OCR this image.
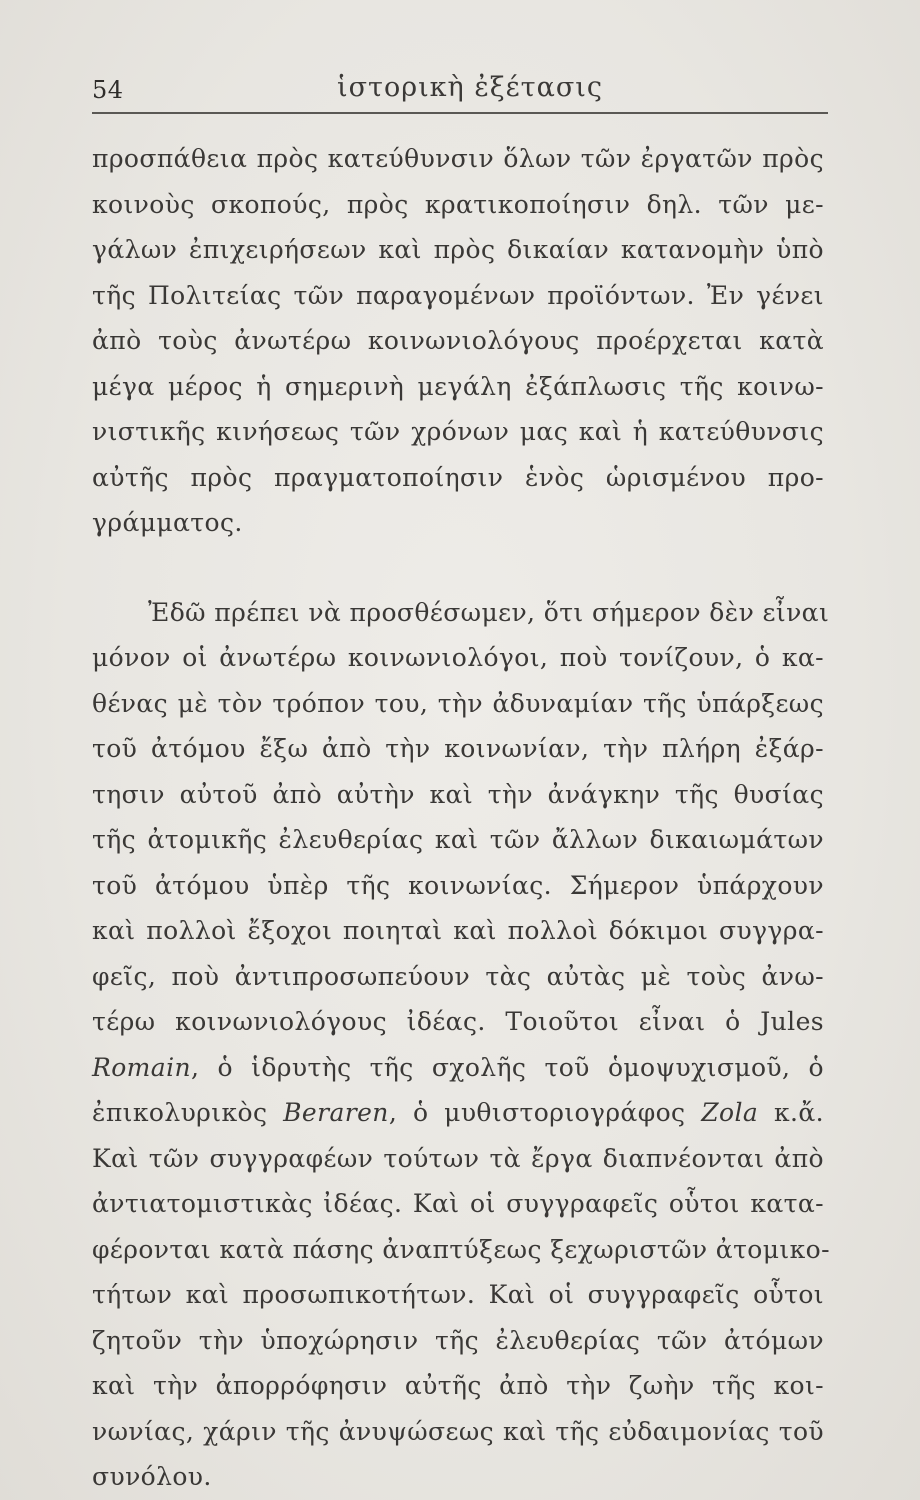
54	ἱστορικὴ ἐξέτασις
προσπάθεια πρὸς κατεύθυνσιν ὅλων τῶν ἐργατῶν πρὸς
κοινοὺς σκοπούς, πρὸς κρατικοποίησιν δηλ. τῶν με-
γάλων ἐπιχειρήσεων καὶ πρὸς δικαίαν κατανομὴν ὑπὸ
τῆς Πολιτείας τῶν παραγομένων προϊόντων. Ἐν γένει
ἀπὸ τοὺς ἀνωτέρω κοινωνιολόγους προέρχεται κατὰ
μέγα μέρος ἡ σημερινὴ μεγάλη ἐξάπλωσις τῆς κοινω-
νιστικῆς κινήσεως τῶν χρόνων μας καὶ ἡ κατεύθυνσις
αὐτῆς πρὸς πραγματοποίησιν ἑνὸς ὡρισμένου προ-
γράμματος.
Ἐδῶ πρέπει νὰ προσθέσωμεν, ὅτι σήμερον δὲν εἶναι
μόνον οἱ ἀνωτέρω κοινωνιολόγοι, ποὺ τονίζουν, ὁ κα-
θένας μὲ τὸν τρόπον του, τὴν ἀδυναμίαν τῆς ὑπάρξεως
τοῦ ἀτόμου ἔξω ἀπὸ τὴν κοινωνίαν, τὴν πλήρη ἐξάρ-
τησιν αὐτοῦ ἀπὸ αὐτὴν καὶ τὴν ἀνάγκην τῆς θυσίας
τῆς ἀτομικῆς ἐλευθερίας καὶ τῶν ἄλλων δικαιωμάτων
τοῦ ἀτόμου ὑπὲρ τῆς κοινωνίας. Σήμερον ὑπάρχουν
καὶ πολλοὶ ἔξοχοι ποιηταὶ καὶ πολλοὶ δόκιμοι συγγρα-
φεῖς, ποὺ ἀντιπροσωπεύουν τὰς αὐτὰς μὲ τοὺς ἀνω-
τέρω κοινωνιολόγους ἰδέας. Τοιοῦτοι εἶναι ὁ Jules
Romain, ὁ ἱδρυτὴς τῆς σχολῆς τοῦ ὁμοψυχισμοῦ, ὁ
ἐπικολυρικὸς Beraren, ὁ μυθιστοριογράφος Zola κ.ἄ.
Καὶ τῶν συγγραφέων τούτων τὰ ἔργα διαπνέονται ἀπὸ
ἀντιατομιστικὰς ἰδέας. Καὶ οἱ συγγραφεῖς οὗτοι κατα-
φέρονται κατὰ πάσης ἀναπτύξεως ξεχωριστῶν ἀτομικο-
τήτων καὶ προσωπικοτήτων. Καὶ οἱ συγγραφεῖς οὗτοι
ζητοῦν τὴν ὑποχώρησιν τῆς ἐλευθερίας τῶν ἀτόμων
καὶ τὴν ἀπορρόφησιν αὐτῆς ἀπὸ τὴν ζωὴν τῆς κοι-
νωνίας, χάριν τῆς ἀνυψώσεως καὶ τῆς εὐδαιμονίας τοῦ
συνόλου.
